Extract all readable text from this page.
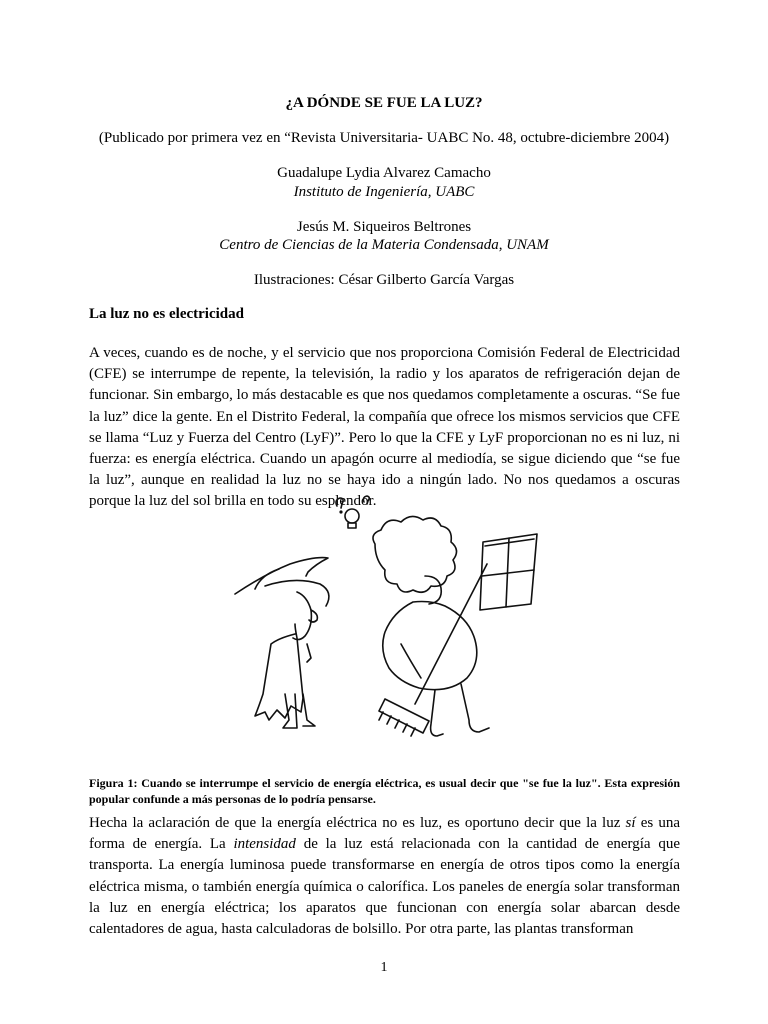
¿A DÓNDE SE FUE LA LUZ?
(Publicado por primera vez en “Revista Universitaria- UABC No. 48, octubre-diciembre 2004)
Guadalupe Lydia Alvarez Camacho
Instituto de Ingeniería, UABC
Jesús M. Siqueiros Beltrones
Centro de Ciencias de la Materia Condensada, UNAM
Ilustraciones: César Gilberto García Vargas
La luz no es electricidad

A veces, cuando es de noche, y el servicio que nos proporciona Comisión Federal de Electricidad (CFE) se interrumpe de repente, la televisión, la radio y los aparatos de refrigeración dejan de funcionar. Sin embargo, lo más destacable es que nos quedamos completamente a oscuras. “Se fue la luz” dice la gente. En el Distrito Federal, la compañía que ofrece los mismos servicios que CFE se llama “Luz y Fuerza del Centro (LyF)”. Pero lo que la CFE y LyF proporcionan no es ni luz, ni fuerza: es energía eléctrica. Cuando un apagón ocurre al mediodía, se sigue diciendo que “se fue la luz”, aunque en realidad la luz no se haya ido a ningún lado. No nos quedamos a oscuras porque la luz del sol brilla en todo su esplendor.

Figura 1: Cuando se interrumpe el servicio de energía eléctrica, es usual decir que "se fue la luz". Esta expresión popular confunde a más personas de lo podría pensarse.

Hecha la aclaración de que la energía eléctrica no es luz, es oportuno decir que la luz sí es una forma de energía. La intensidad de la luz está relacionada con la cantidad de energía que transporta. La energía luminosa puede transformarse en energía de otros tipos como la energía eléctrica misma, o también energía química o calorífica. Los paneles de energía solar transforman la luz en energía eléctrica; los aparatos que funcionan con energía solar abarcan desde calentadores de agua, hasta calculadoras de bolsillo. Por otra parte, las plantas transforman

1
